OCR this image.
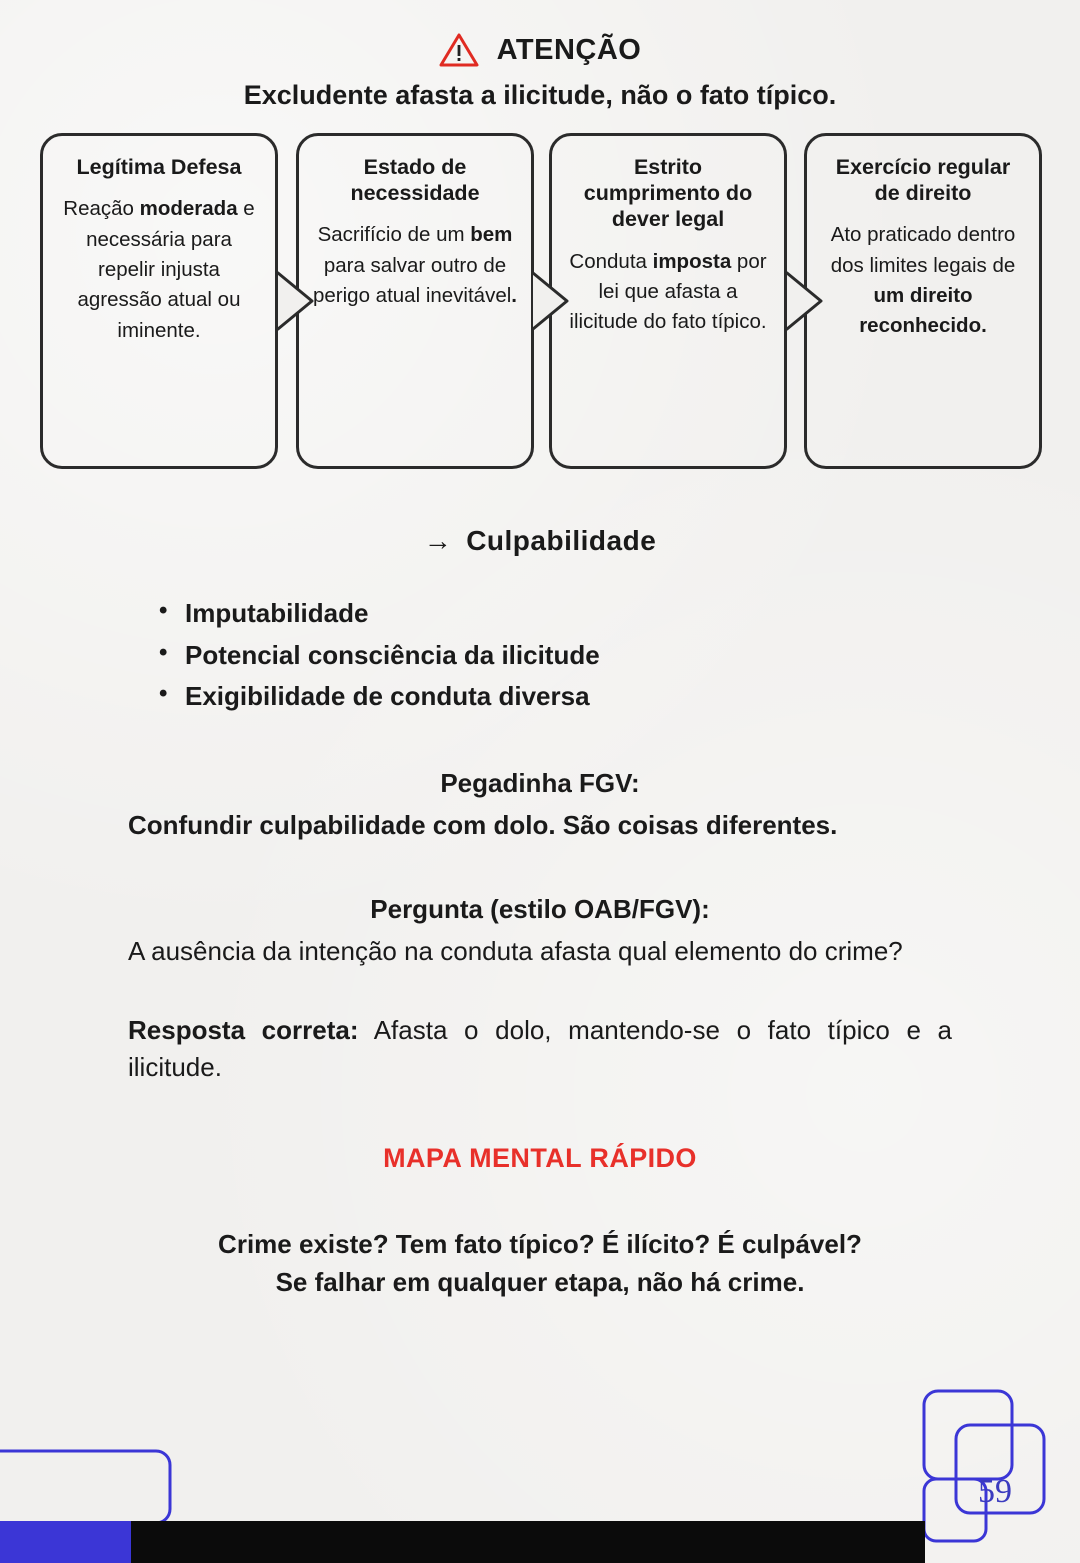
ATENÇÃO
Excludente afasta a ilicitude, não o fato típico.
Legítima Defesa
Reação moderada e necessária para repelir injusta agressão atual ou iminente.
Estado de necessidade
Sacrifício de um bem para salvar outro de perigo atual inevitável.
Estrito cumprimento do dever legal
Conduta imposta por lei que afasta a ilicitude do fato típico.
Exercício regular de direito
Ato praticado dentro dos limites legais de um direito reconhecido.
→ Culpabilidade
• Imputabilidade
• Potencial consciência da ilicitude
• Exigibilidade de conduta diversa
Pegadinha FGV:
Confundir culpabilidade com dolo. São coisas diferentes.
Pergunta (estilo OAB/FGV):
A ausência da intenção na conduta afasta qual elemento do crime?
Resposta correta: Afasta o dolo, mantendo-se o fato típico e a ilicitude.
MAPA MENTAL RÁPIDO
Crime existe? Tem fato típico? É ilícito? É culpável?
Se falhar em qualquer etapa, não há crime.
59
